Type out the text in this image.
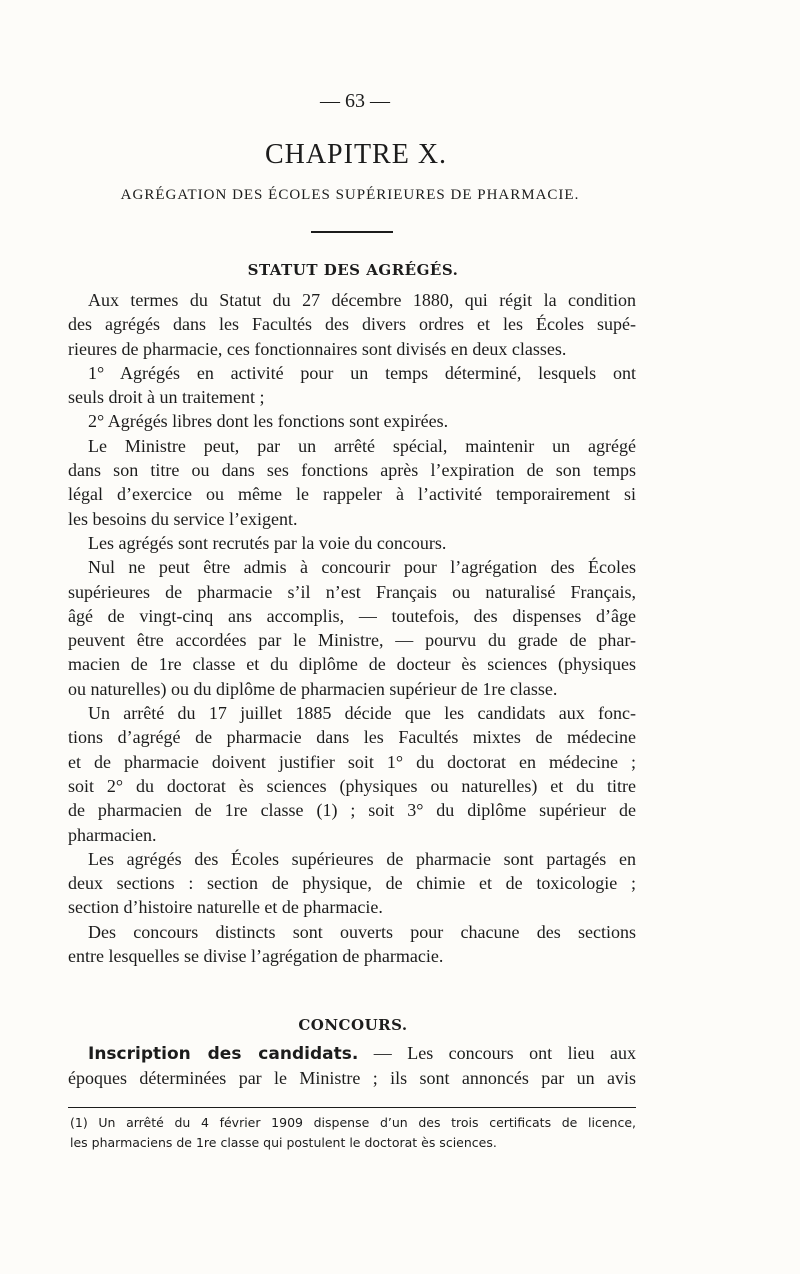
— 63 —
CHAPITRE X.
AGRÉGATION DES ÉCOLES SUPÉRIEURES DE PHARMACIE.
STATUT DES AGRÉGÉS.
Aux termes du Statut du 27 décembre 1880, qui régit la condition
des agrégés dans les Facultés des divers ordres et les Écoles supé-
rieures de pharmacie, ces fonctionnaires sont divisés en deux classes.
1° Agrégés en activité pour un temps déterminé, lesquels ont
seuls droit à un traitement ;
2° Agrégés libres dont les fonctions sont expirées.
Le Ministre peut, par un arrêté spécial, maintenir un agrégé
dans son titre ou dans ses fonctions après l’expiration de son temps
légal d’exercice ou même le rappeler à l’activité temporairement si
les besoins du service l’exigent.
Les agrégés sont recrutés par la voie du concours.
Nul ne peut être admis à concourir pour l’agrégation des Écoles
supérieures de pharmacie s’il n’est Français ou naturalisé Français,
âgé de vingt-cinq ans accomplis, — toutefois, des dispenses d’âge
peuvent être accordées par le Ministre, — pourvu du grade de phar-
macien de 1re classe et du diplôme de docteur ès sciences (physiques
ou naturelles) ou du diplôme de pharmacien supérieur de 1re classe.
Un arrêté du 17 juillet 1885 décide que les candidats aux fonc-
tions d’agrégé de pharmacie dans les Facultés mixtes de médecine
et de pharmacie doivent justifier soit 1° du doctorat en médecine ;
soit 2° du doctorat ès sciences (physiques ou naturelles) et du titre
de pharmacien de 1re classe (1) ; soit 3° du diplôme supérieur de
pharmacien.
Les agrégés des Écoles supérieures de pharmacie sont partagés en
deux sections : section de physique, de chimie et de toxicologie ;
section d’histoire naturelle et de pharmacie.
Des concours distincts sont ouverts pour chacune des sections
entre lesquelles se divise l’agrégation de pharmacie.
CONCOURS.
Inscription des candidats. — Les concours ont lieu aux
époques déterminées par le Ministre ; ils sont annoncés par un avis
(1) Un arrêté du 4 février 1909 dispense d’un des trois certificats de licence,
les pharmaciens de 1re classe qui postulent le doctorat ès sciences.
